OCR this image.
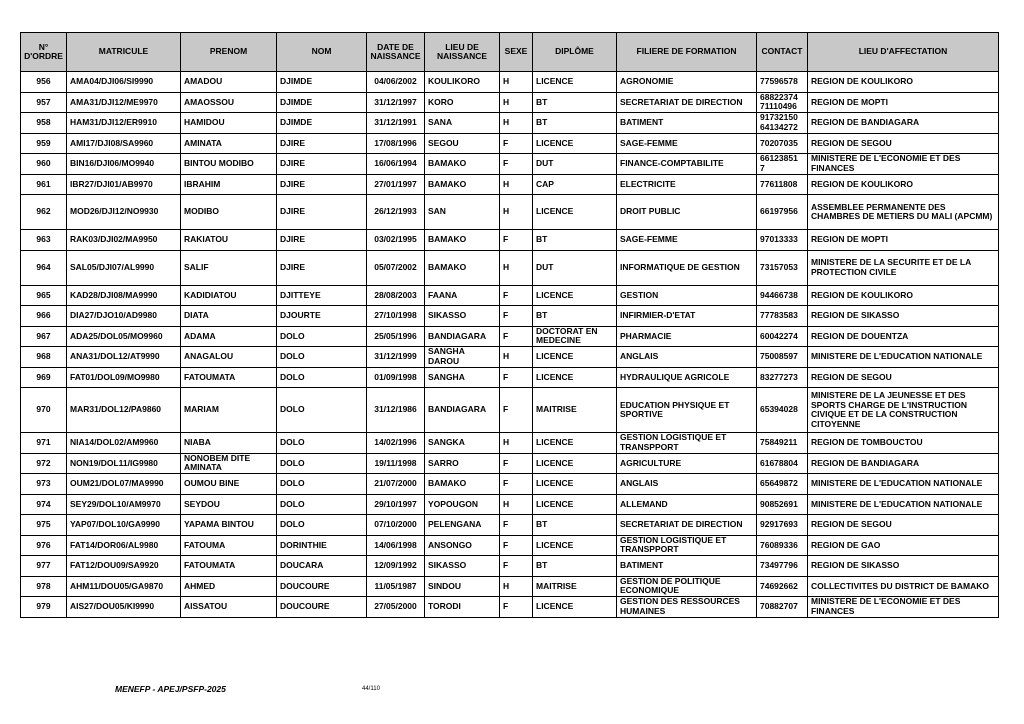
N° D'ORDRE	MATRICULE	PRENOM	NOM	DATE DE NAISSANCE	LIEU DE NAISSANCE	SEXE	DIPLÔME	FILIERE DE FORMATION	CONTACT	LIEU D'AFFECTATION
956	AMA04/DJI06/SI9990	AMADOU	DJIMDE	04/06/2002	KOULIKORO	H	LICENCE	AGRONOMIE	77596578	REGION DE KOULIKORO
957	AMA31/DJI12/ME9970	AMAOSSOU	DJIMDE	31/12/1997	KORO	H	BT	SECRETARIAT DE DIRECTION	68822374 71110496	REGION DE MOPTI
958	HAM31/DJI12/ER9910	HAMIDOU	DJIMDE	31/12/1991	SANA	H	BT	BATIMENT	91732150 64134272	REGION DE BANDIAGARA
959	AMI17/DJI08/SA9960	AMINATA	DJIRE	17/08/1996	SEGOU	F	LICENCE	SAGE-FEMME	70207035	REGION DE SEGOU
960	BIN16/DJI06/MO9940	BINTOU MODIBO	DJIRE	16/06/1994	BAMAKO	F	DUT	FINANCE-COMPTABILITE	66123851 7	MINISTERE DE L'ECONOMIE ET DES FINANCES
961	IBR27/DJI01/AB9970	IBRAHIM	DJIRE	27/01/1997	BAMAKO	H	CAP	ELECTRICITE	77611808	REGION DE KOULIKORO
962	MOD26/DJI12/NO9930	MODIBO	DJIRE	26/12/1993	SAN	H	LICENCE	DROIT PUBLIC	66197956	ASSEMBLEE PERMANENTE DES CHAMBRES DE METIERS DU MALI (APCMM)
963	RAK03/DJI02/MA9950	RAKIATOU	DJIRE	03/02/1995	BAMAKO	F	BT	SAGE-FEMME	97013333	REGION DE MOPTI
964	SAL05/DJI07/AL9990	SALIF	DJIRE	05/07/2002	BAMAKO	H	DUT	INFORMATIQUE DE GESTION	73157053	MINISTERE DE LA SECURITE ET DE LA PROTECTION CIVILE
965	KAD28/DJI08/MA9990	KADIDIATOU	DJITTEYE	28/08/2003	FAANA	F	LICENCE	GESTION	94466738	REGION DE KOULIKORO
966	DIA27/DJO10/AD9980	DIATA	DJOURTE	27/10/1998	SIKASSO	F	BT	INFIRMIER-D'ETAT	77783583	REGION DE SIKASSO
967	ADA25/DOL05/MO9960	ADAMA	DOLO	25/05/1996	BANDIAGARA	F	DOCTORAT EN MEDECINE	PHARMACIE	60042274	REGION DE DOUENTZA
968	ANA31/DOL12/AT9990	ANAGALOU	DOLO	31/12/1999	SANGHA DAROU	H	LICENCE	ANGLAIS	75008597	MINISTERE DE L'EDUCATION NATIONALE
969	FAT01/DOL09/MO9980	FATOUMATA	DOLO	01/09/1998	SANGHA	F	LICENCE	HYDRAULIQUE AGRICOLE	83277273	REGION DE SEGOU
970	MAR31/DOL12/PA9860	MARIAM	DOLO	31/12/1986	BANDIAGARA	F	MAITRISE	EDUCATION PHYSIQUE ET SPORTIVE	65394028	MINISTERE DE LA JEUNESSE ET DES SPORTS CHARGE DE L'INSTRUCTION CIVIQUE ET DE LA CONSTRUCTION CITOYENNE
971	NIA14/DOL02/AM9960	NIABA	DOLO	14/02/1996	SANGKA	H	LICENCE	GESTION LOGISTIQUE ET TRANSPPORT	75849211	REGION DE TOMBOUCTOU
972	NON19/DOL11/IG9980	NONOBEM DITE AMINATA	DOLO	19/11/1998	SARRO	F	LICENCE	AGRICULTURE	61678804	REGION DE BANDIAGARA
973	OUM21/DOL07/MA9990	OUMOU BINE	DOLO	21/07/2000	BAMAKO	F	LICENCE	ANGLAIS	65649872	MINISTERE DE L'EDUCATION NATIONALE
974	SEY29/DOL10/AM9970	SEYDOU	DOLO	29/10/1997	YOPOUGON	H	LICENCE	ALLEMAND	90852691	MINISTERE DE L'EDUCATION NATIONALE
975	YAP07/DOL10/GA9990	YAPAMA BINTOU	DOLO	07/10/2000	PELENGANA	F	BT	SECRETARIAT DE DIRECTION	92917693	REGION DE SEGOU
976	FAT14/DOR06/AL9980	FATOUMA	DORINTHIE	14/06/1998	ANSONGO	F	LICENCE	GESTION LOGISTIQUE ET TRANSPPORT	76089336	REGION DE GAO
977	FAT12/DOU09/SA9920	FATOUMATA	DOUCARA	12/09/1992	SIKASSO	F	BT	BATIMENT	73497796	REGION DE SIKASSO
978	AHM11/DOU05/GA9870	AHMED	DOUCOURE	11/05/1987	SINDOU	H	MAITRISE	GESTION DE POLITIQUE ECONOMIQUE	74692662	COLLECTIVITES DU DISTRICT DE BAMAKO
979	AIS27/DOU05/KI9990	AISSATOU	DOUCOURE	27/05/2000	TORODI	F	LICENCE	GESTION DES RESSOURCES HUMAINES	70882707	MINISTERE DE L'ECONOMIE ET DES FINANCES
MENEFP - APEJ/PSFP-2025	44/110
